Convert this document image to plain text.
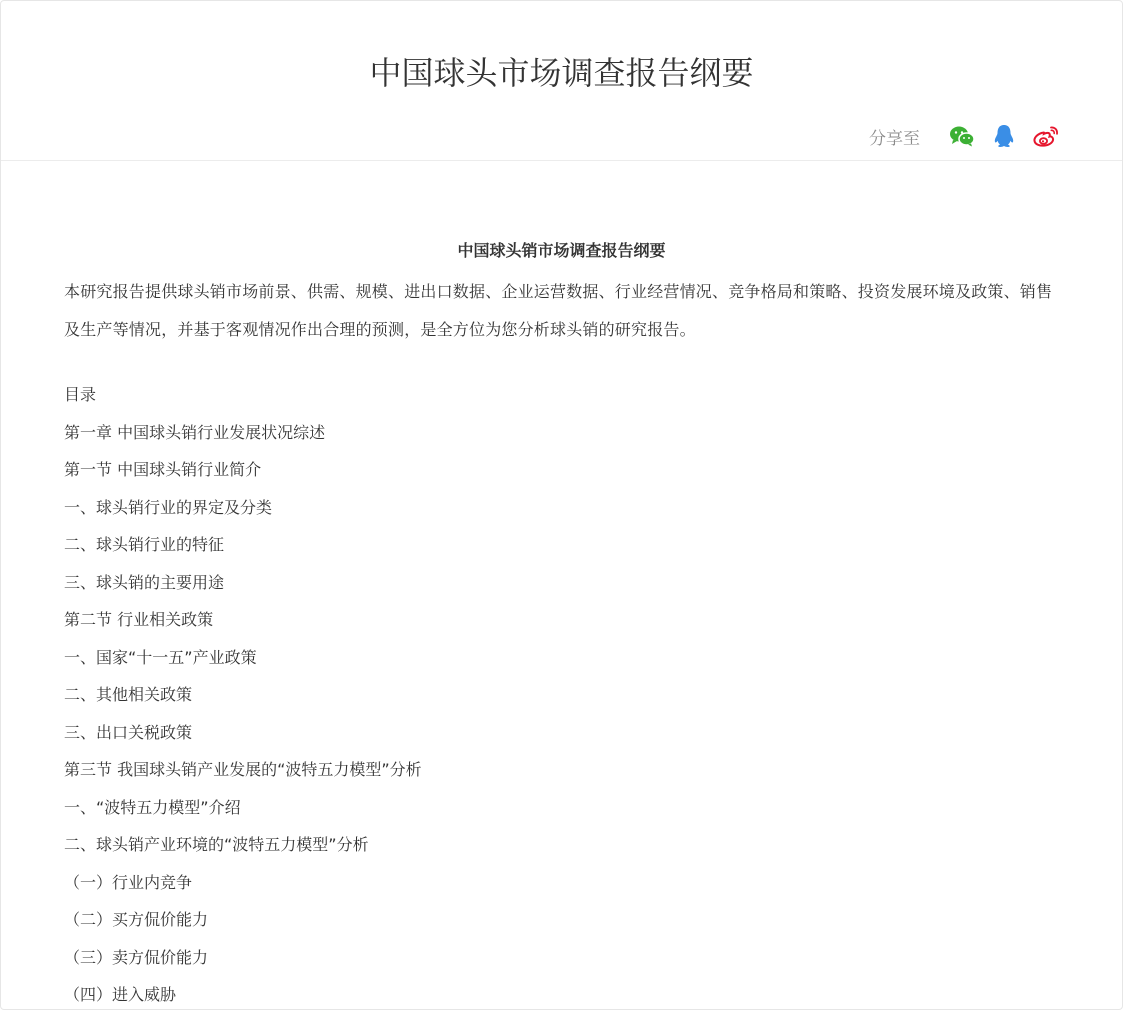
中国球头市场调查报告纲要
分享至
中国球头销市场调查报告纲要

本研究报告提供球头销市场前景、供需、规模、进出口数据、企业运营数据、行业经营情况、竞争格局和策略、投资发展环境及政策、销售及生产等情况，并基于客观情况作出合理的预测，是全方位为您分析球头销的研究报告。

目录
第一章 中国球头销行业发展状况综述
第一节 中国球头销行业简介
一、球头销行业的界定及分类
二、球头销行业的特征
三、球头销的主要用途
第二节 行业相关政策
一、国家“十一五”产业政策
二、其他相关政策
三、出口关税政策
第三节 我国球头销产业发展的“波特五力模型”分析
一、“波特五力模型”介绍
二、球头销产业环境的“波特五力模型”分析
（一）行业内竞争
（二）买方侃价能力
（三）卖方侃价能力
（四）进入威胁
